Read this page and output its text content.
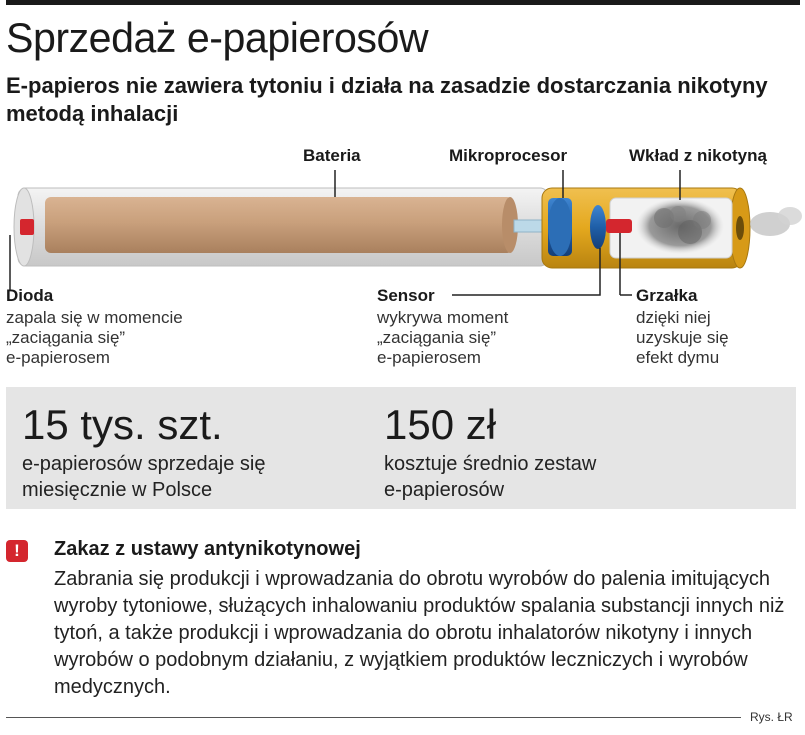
Sprzedaż e-papierosów
E-papieros nie zawiera tytoniu i działa na zasadzie dostarczania nikotyny metodą inhalacji
Bateria	Mikroprocesor	Wkład z nikotyną
Dioda
zapala się w momencie
„zaciągania się”
e-papierosem
Sensor
wykrywa moment
„zaciągania się”
e-papierosem
Grzałka
dzięki niej
uzyskuje się
efekt dymu
15 tys. szt.
e-papierosów sprzedaje się
miesięcznie w Polsce
150 zł
kosztuje średnio zestaw
e-papierosów
!	Zakaz z ustawy antynikotynowej
Zabrania się produkcji i wprowadzania do obrotu wyrobów do palenia imitujących wyroby tytoniowe, służących inhalowaniu produktów spalania substancji innych niż tytoń, a także produkcji i wprowadzania do obrotu inhalatorów nikotyny i innych wyrobów o podobnym działaniu, z wyjątkiem produktów leczniczych i wyrobów medycznych.
Rys. ŁR
